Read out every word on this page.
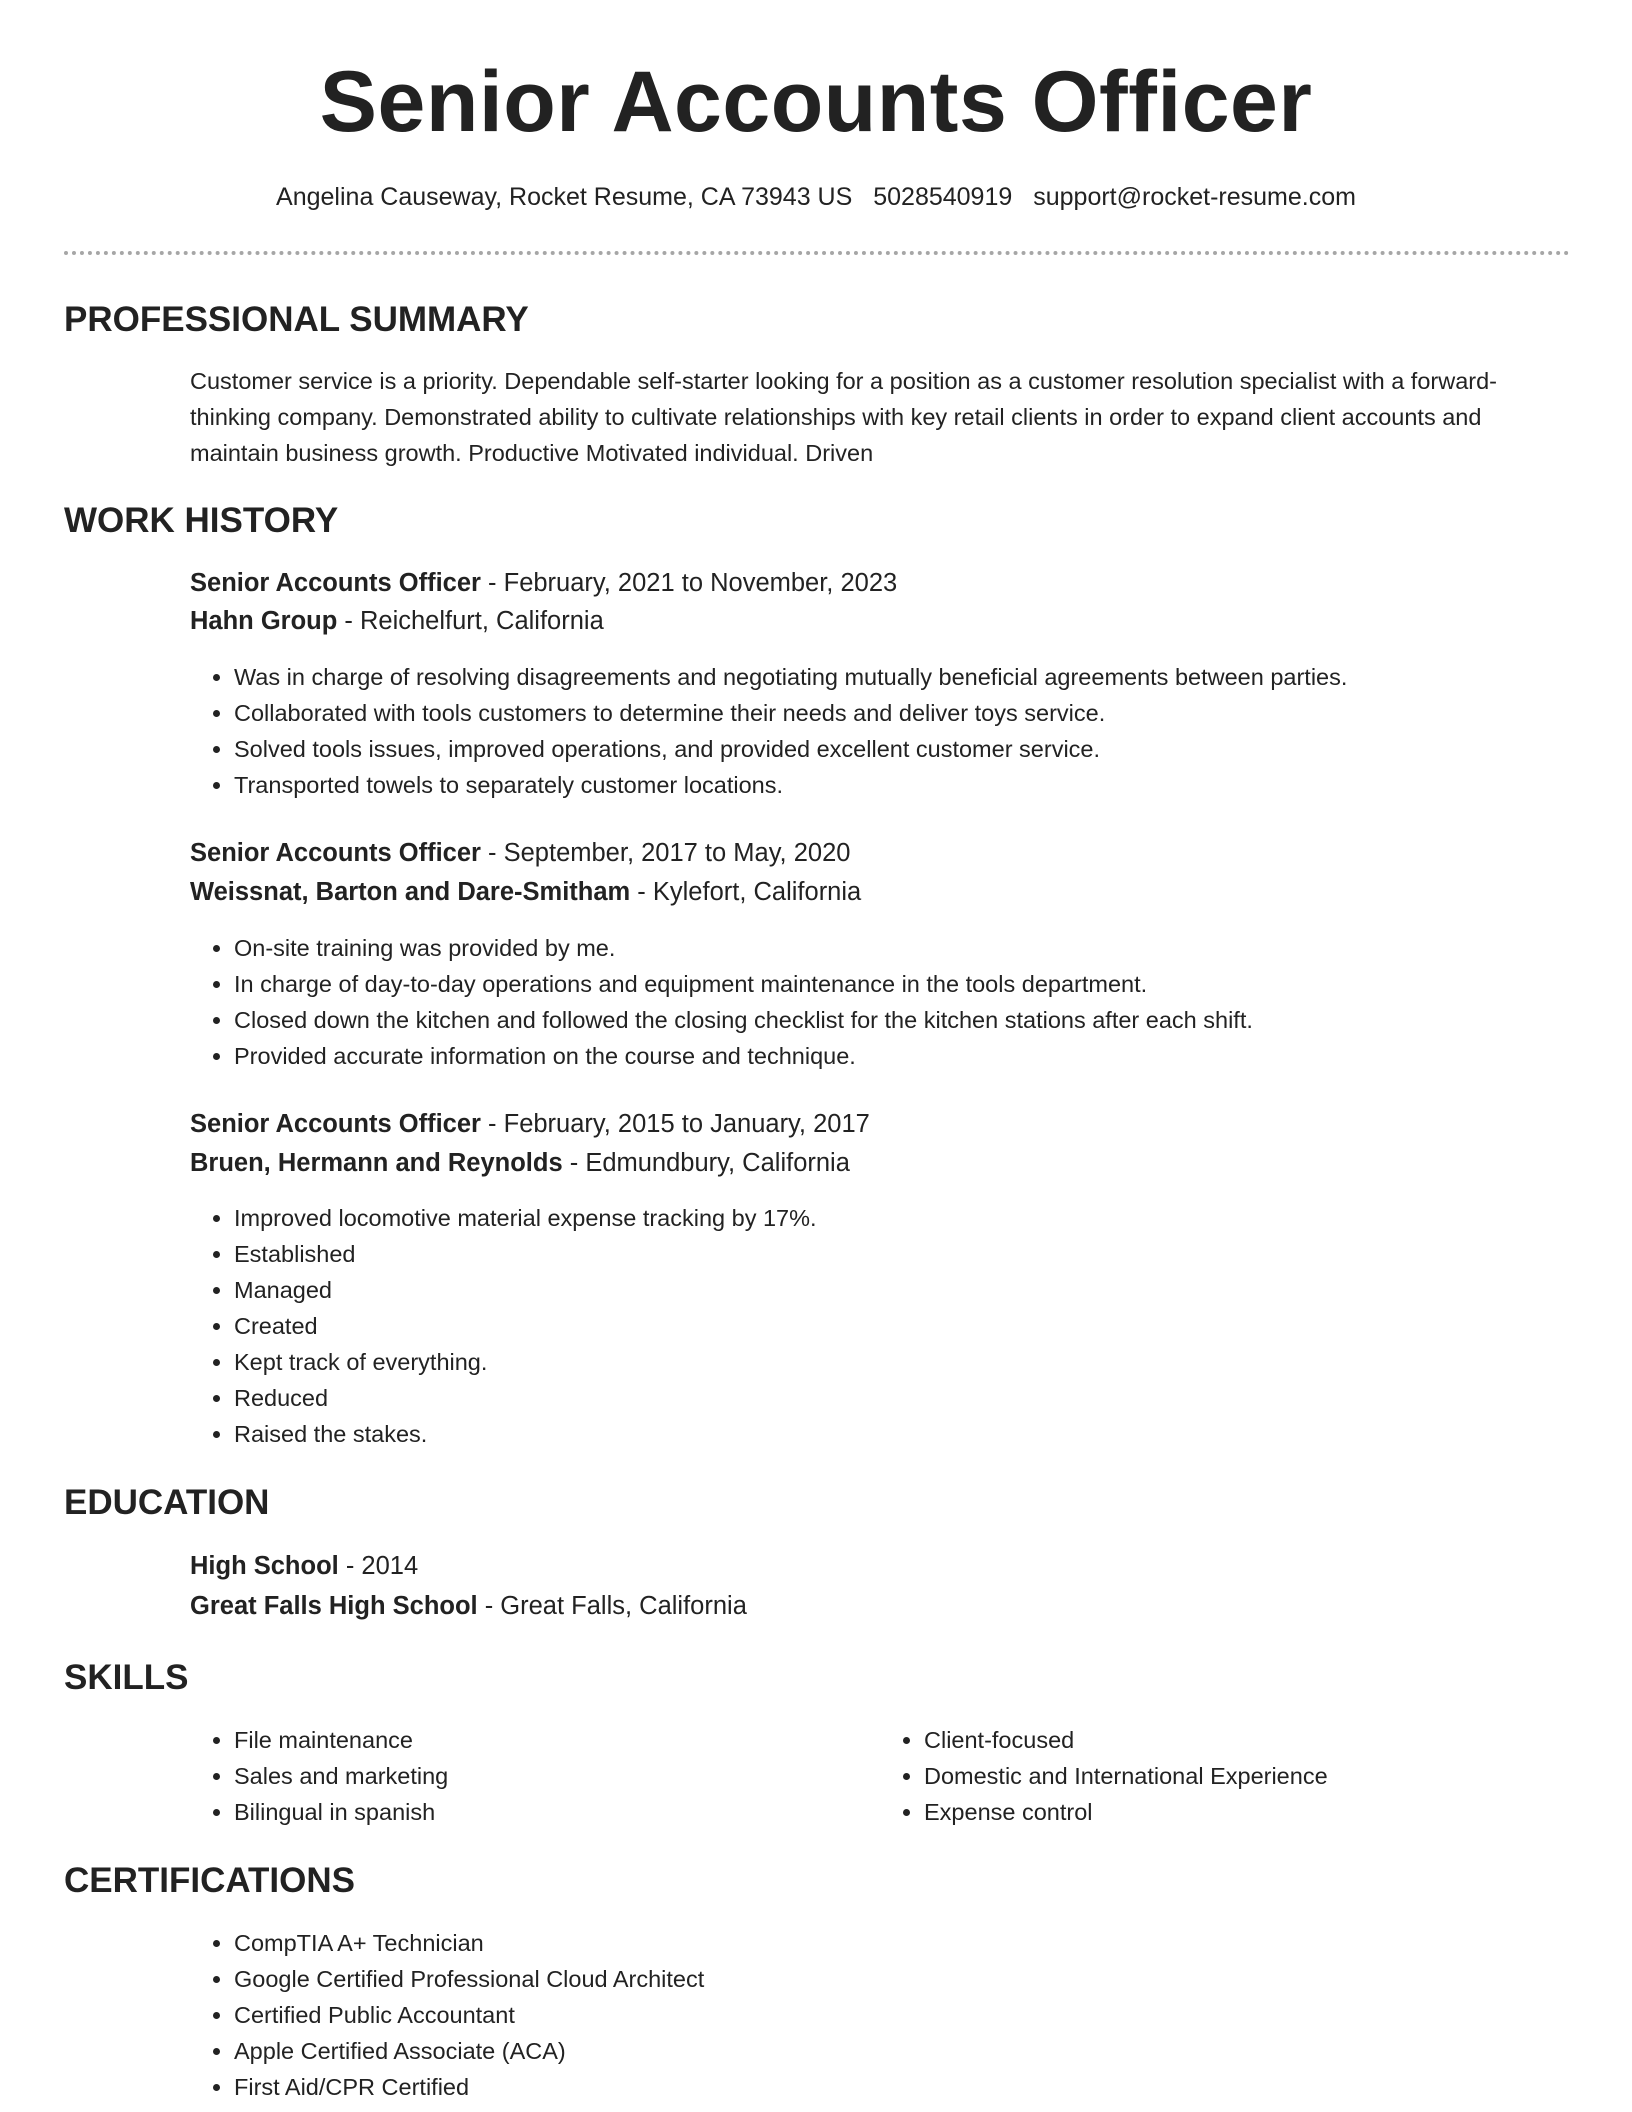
Senior Accounts Officer
Angelina Causeway, Rocket Resume, CA 73943 US 5028540919 support@rocket-resume.com
PROFESSIONAL SUMMARY

Customer service is a priority. Dependable self-starter looking for a position as a customer resolution specialist with a forward-thinking company. Demonstrated ability to cultivate relationships with key retail clients in order to expand client accounts and maintain business growth. Productive Motivated individual. Driven

WORK HISTORY
Senior Accounts Officer - February, 2021 to November, 2023
Hahn Group - Reichelfurt, California
• Was in charge of resolving disagreements and negotiating mutually beneficial agreements between parties.
• Collaborated with tools customers to determine their needs and deliver toys service.
• Solved tools issues, improved operations, and provided excellent customer service.
• Transported towels to separately customer locations.
Senior Accounts Officer - September, 2017 to May, 2020
Weissnat, Barton and Dare-Smitham - Kylefort, California
• On-site training was provided by me.
• In charge of day-to-day operations and equipment maintenance in the tools department.
• Closed down the kitchen and followed the closing checklist for the kitchen stations after each shift.
• Provided accurate information on the course and technique.
Senior Accounts Officer - February, 2015 to January, 2017
Bruen, Hermann and Reynolds - Edmundbury, California
• Improved locomotive material expense tracking by 17%.
• Established
• Managed
• Created
• Kept track of everything.
• Reduced
• Raised the stakes.
EDUCATION
High School - 2014
Great Falls High School - Great Falls, California
SKILLS
• File maintenance
• Sales and marketing
• Bilingual in spanish
• Client-focused
• Domestic and International Experience
• Expense control
CERTIFICATIONS
• CompTIA A+ Technician
• Google Certified Professional Cloud Architect
• Certified Public Accountant
• Apple Certified Associate (ACA)
• First Aid/CPR Certified
